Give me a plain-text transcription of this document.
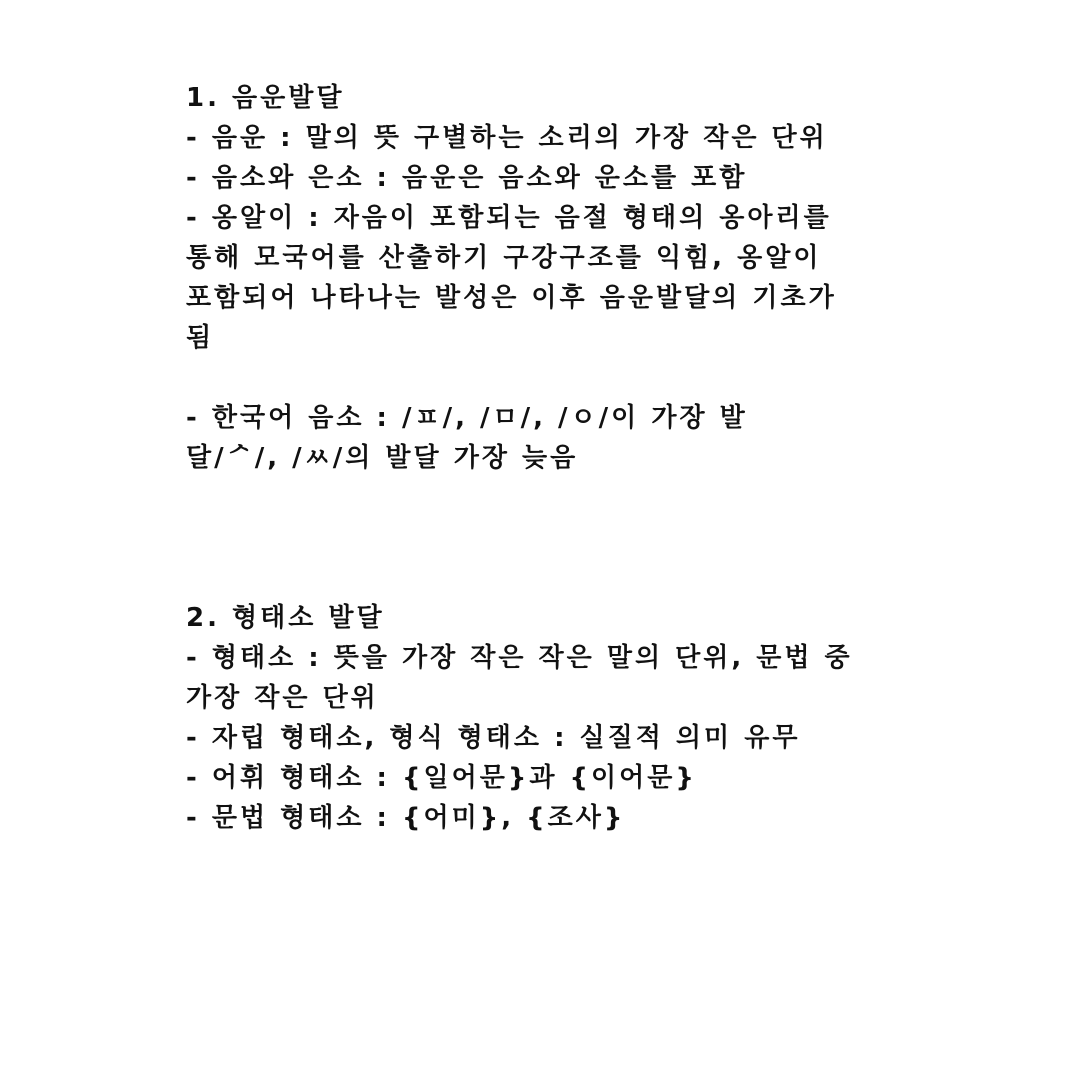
1. 음운발달

- 음운 : 말의 뜻 구별하는 소리의 가장 작은 단위

- 음소와 은소 : 음운은 음소와 운소를 포함

- 옹알이 : 자음이 포함되는 음절 형태의 옹아리를

통해 모국어를 산출하기 구강구조를 익힘, 옹알이

포함되어 나타나는 발성은 이후 음운발달의 기초가

됨

- 한국어 음소 : /ㅍ/, /ㅁ/, /ㅇ/이 가장 발

달/ᄼ/, /ㅆ/의 발달 가장 늦음

2. 형태소 발달

- 형태소 : 뜻을 가장 작은 작은 말의 단위, 문법 중

가장 작은 단위

- 자립 형태소, 형식 형태소 : 실질적 의미 유무

- 어휘 형태소 : {일어문}과 {이어문}

- 문법 형태소 : {어미}, {조사}
